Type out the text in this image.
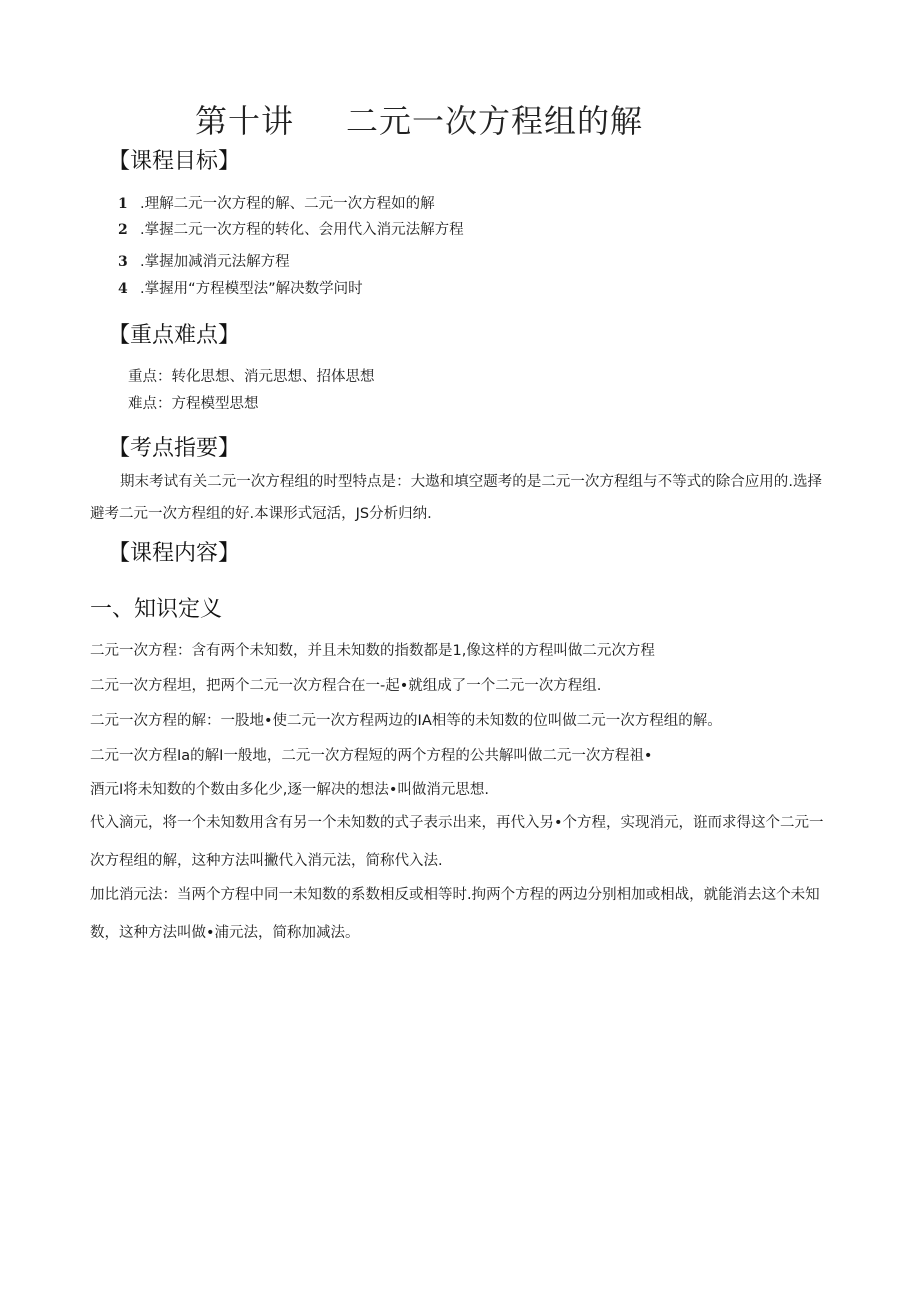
第十讲 二元一次方程组的解
【课程目标】
1 .理解二元一次方程的解、二元一次方程如的解
2 .掌握二元一次方程的转化、会用代入消元法解方程
3 .掌握加减消元法解方程
4 .掌握用“方程模型法”解决数学问时
【重点难点】
重点：转化思想、消元思想、招体思想
难点：方程模型思想
【考点指要】
期末考试有关二元一次方程组的时型特点是：大遨和填空题考的是二元一次方程组与不等式的除合应用的.选择避考二元一次方程组的好.本课形式冠活，JS分析归纳.
【课程内容】
一、知识定义
二元一次方程：含有两个未知数，并且未知数的指数都是1,像这样的方程叫做二元次方程
二元一次方程坦，把两个二元一次方程合在一-起•就组成了一个二元一次方程组.
二元一次方程的解：一股地•使二元一次方程两边的IA相等的未知数的位叫做二元一次方程组的解。
二元一次方程Ia的解I一般地，二元一次方程短的两个方程的公共解叫做二元一次方程祖•
酒元I将未知数的个数由多化少,逐一解决的想法•叫做消元思想.
代入滴元，将一个未知数用含有另一个未知数的式子表示出来，再代入另•个方程，实现消元，诳而求得这个二元一次方程组的解，这种方法叫撇代入消元法，简称代入法.
加比消元法：当两个方程中同一未知数的系数相反或相等时.拘两个方程的两边分别相加或相战，就能消去这个未知数，这种方法叫做•浦元法，简称加减法。
